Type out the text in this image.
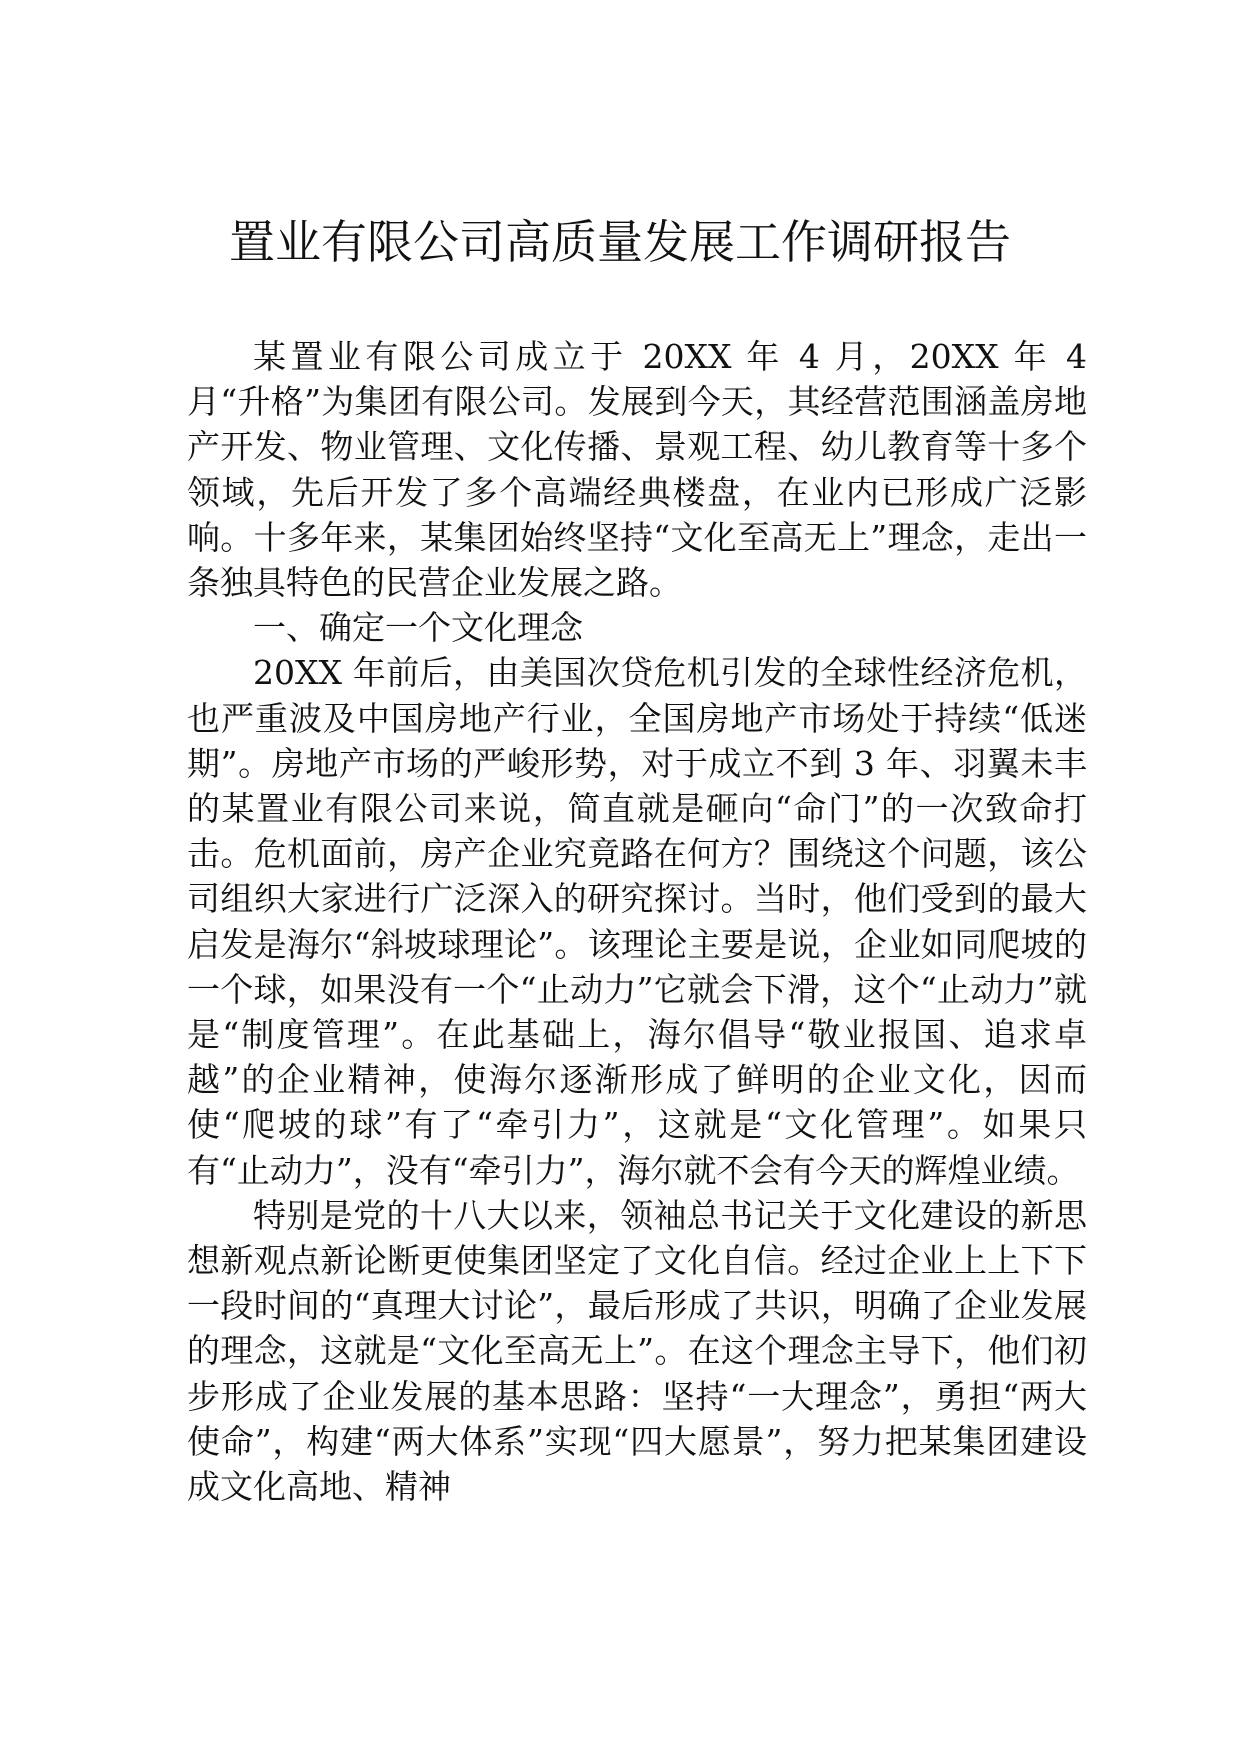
置业有限公司高质量发展工作调研报告

某置业有限公司成立于 20XX 年 4 月，20XX 年 4 月“升格”为集团有限公司。发展到今天，其经营范围涵盖房地产开发、物业管理、文化传播、景观工程、幼儿教育等十多个领域，先后开发了多个高端经典楼盘，在业内已形成广泛影响。十多年来，某集团始终坚持“文化至高无上”理念，走出一条独具特色的民营企业发展之路。

一、确定一个文化理念

20XX 年前后，由美国次贷危机引发的全球性经济危机，也严重波及中国房地产行业，全国房地产市场处于持续“低迷期”。房地产市场的严峻形势，对于成立不到 3 年、羽翼未丰的某置业有限公司来说，简直就是砸向“命门”的一次致命打击。危机面前，房产企业究竟路在何方？围绕这个问题，该公司组织大家进行广泛深入的研究探讨。当时，他们受到的最大启发是海尔“斜坡球理论”。该理论主要是说，企业如同爬坡的一个球，如果没有一个“止动力”它就会下滑，这个“止动力”就是“制度管理”。在此基础上，海尔倡导“敬业报国、追求卓越”的企业精神，使海尔逐渐形成了鲜明的企业文化，因而使“爬坡的球”有了“牵引力”，这就是“文化管理”。如果只有“止动力”，没有“牵引力”，海尔就不会有今天的辉煌业绩。

特别是党的十八大以来，领袖总书记关于文化建设的新思想新观点新论断更使集团坚定了文化自信。经过企业上上下下一段时间的“真理大讨论”，最后形成了共识，明确了企业发展的理念，这就是“文化至高无上”。在这个理念主导下，他们初步形成了企业发展的基本思路：坚持“一大理念”，勇担“两大使命”，构建“两大体系”实现“四大愿景”，努力把某集团建设成文化高地、精神
